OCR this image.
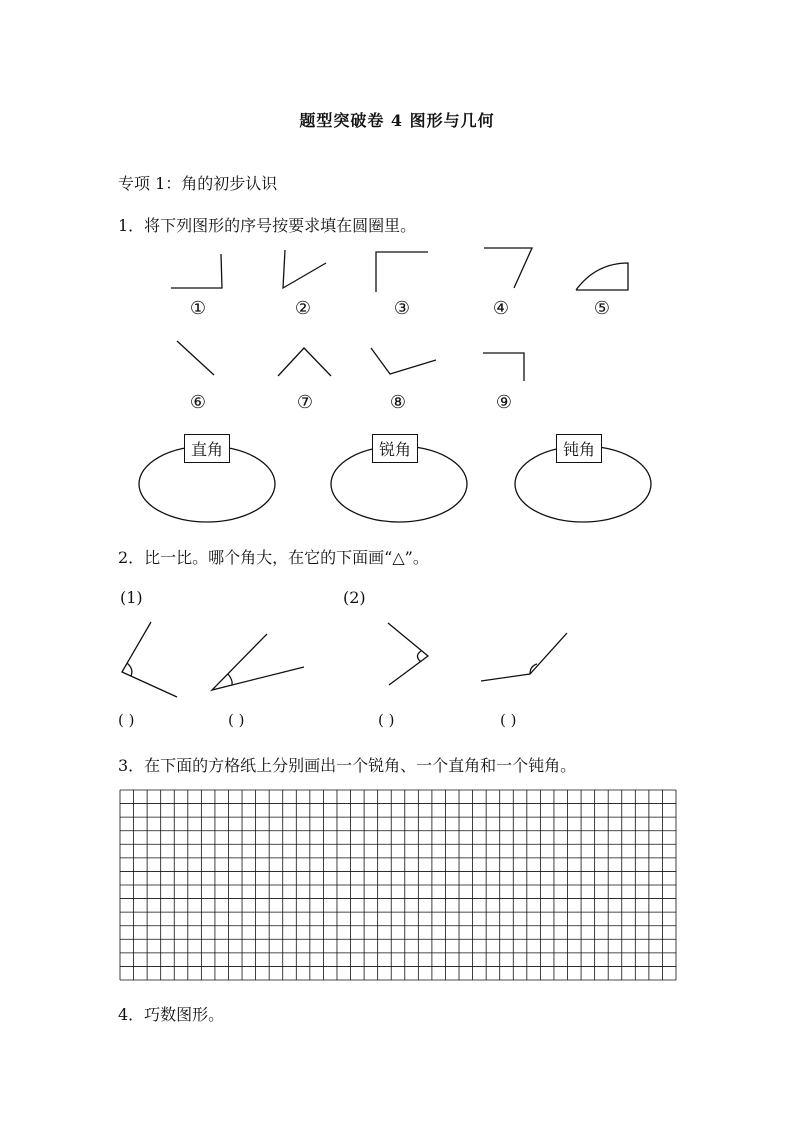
题型突破卷 4 图形与几何
专项 1：角的初步认识
1．将下列图形的序号按要求填在圆圈里。
①	②	③	④	⑤
⑥	⑦	⑧	⑨
直角	锐角	钝角
2．比一比。哪个角大，在它的下面画“△”。
(1)	(2)
( )	( )	( )	( )
3．在下面的方格纸上分别画出一个锐角、一个直角和一个钝角。
4．巧数图形。
